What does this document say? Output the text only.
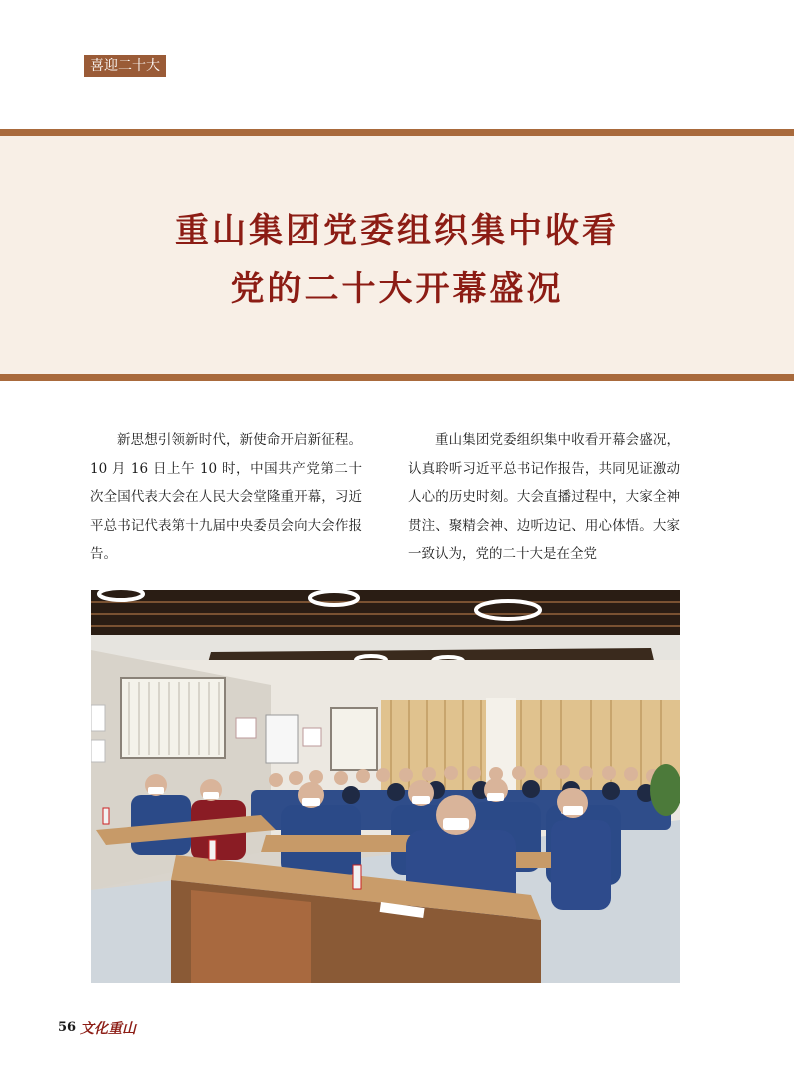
喜迎二十大
重山集团党委组织集中收看
党的二十大开幕盛况

新思想引领新时代，新使命开启新征程。10 月 16 日上午 10 时，中国共产党第二十次全国代表大会在人民大会堂隆重开幕，习近平总书记代表第十九届中央委员会向大会作报告。

重山集团党委组织集中收看开幕会盛况，认真聆听习近平总书记作报告，共同见证激动人心的历史时刻。大会直播过程中，大家全神贯注、聚精会神、边听边记、用心体悟。大家一致认为，党的二十大是在全党

56 文化重山
